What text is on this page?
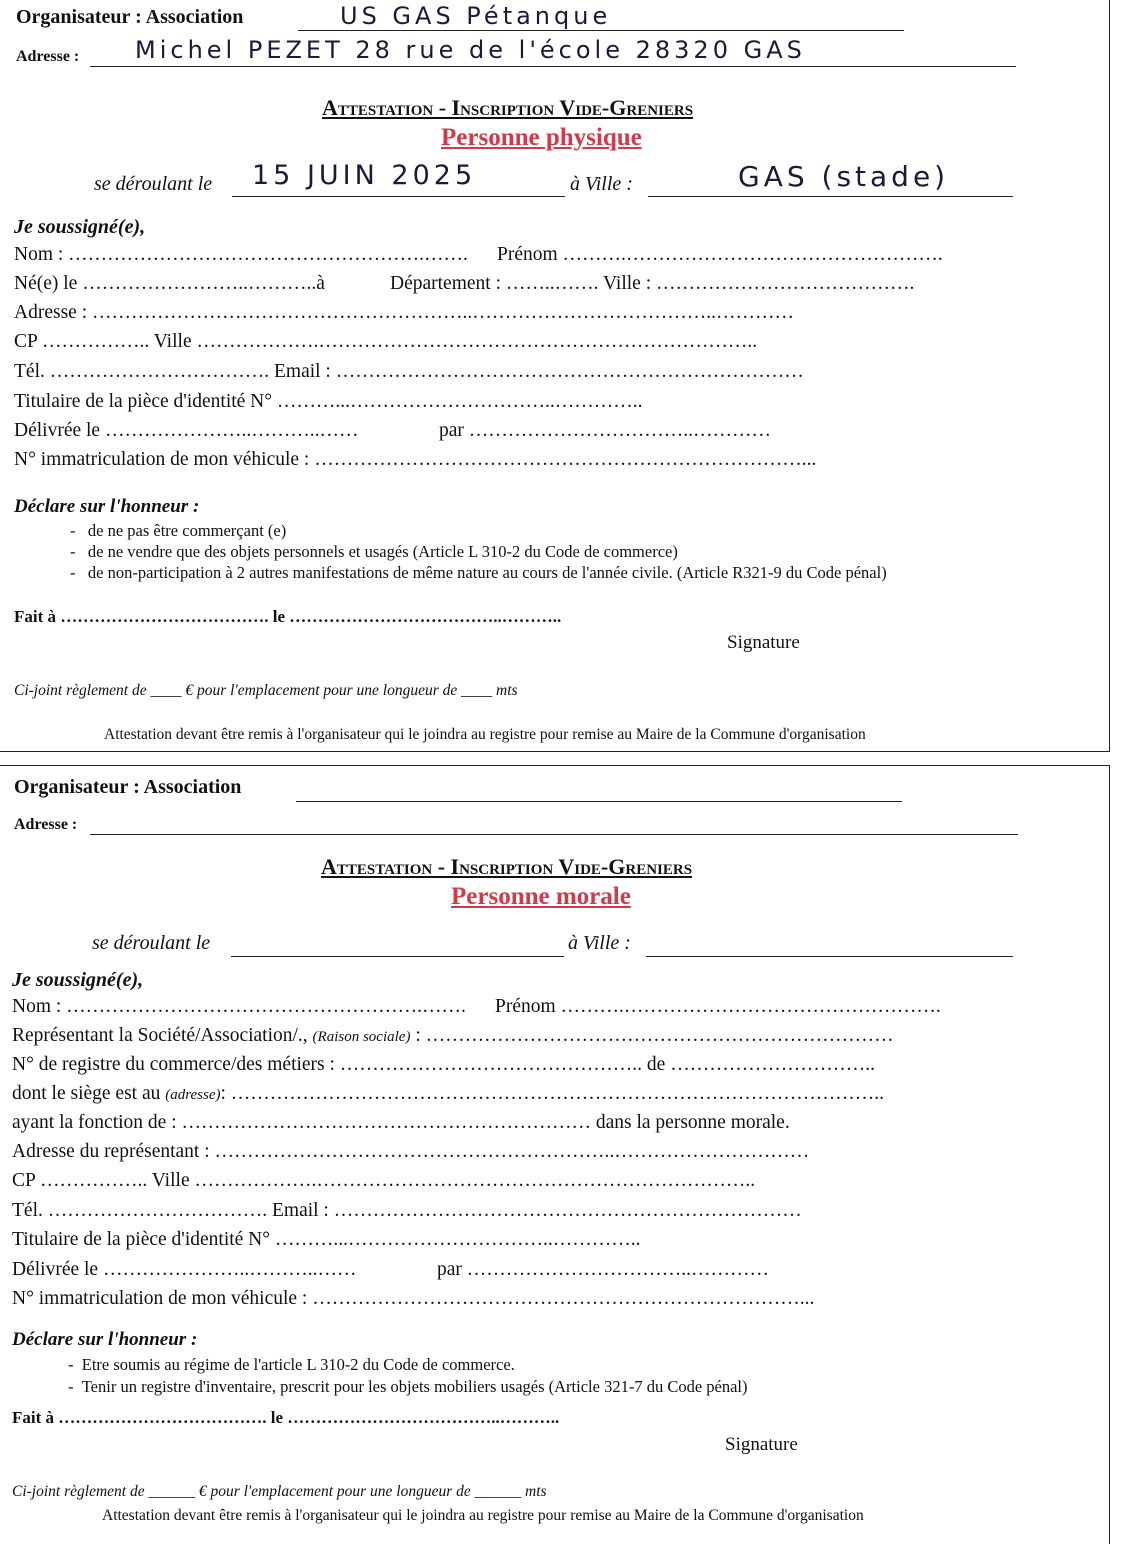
Organisateur : Association	US GAS Pétanque
Adresse : Michel PEZET 28 rue de l'école 28320 GAS
Attestation - Inscription Vide-Greniers
Personne physique
se déroulant le 15 JUIN 2025	à Ville :	GAS (stade)
Je soussigné(e),
Nom : ……………………………………………….……. Prénom ……….………………………………………….
Né(e) le ……………………..………..à	Département : ……..……. Ville : ………………………………….
Adresse : …………………………………………………..………………………………..…………
CP …………….. Ville ……………….…………………………………………………………..
Tél. ……………………………. Email : ………………………………………………………………
Titulaire de la pièce d'identité N° ………...…………………………..…………..
Délivrée le …………………..………..……	par ……………………………..…………
N° immatriculation de mon véhicule : …………………………………………………………………...
Déclare sur l'honneur :
-   de ne pas être commerçant (e)
-   de ne vendre que des objets personnels et usagés (Article L 310-2 du Code de commerce)
-   de non-participation à 2 autres manifestations de même nature au cours de l'année civile. (Article R321-9 du Code pénal)
Fait à ………………………………. le ………………………………..………..
Signature
Ci-joint règlement de ____ € pour l'emplacement pour une longueur de ____ mts
Attestation devant être remis à l'organisateur qui le joindra au registre pour remise au Maire de la Commune d'organisation
Organisateur : Association
Adresse :
Attestation - Inscription Vide-Greniers
Personne morale
se déroulant le	à Ville :
Je soussigné(e),
Nom : ……………………………………………….……. Prénom ……….………………………………………….
Représentant la Société/Association/., (Raison sociale) : ………………………………………………………………
N° de registre du commerce/des métiers : ……………………………………….. de …………………………..
dont le siège est au (adresse): ………………………………………………………………………………………..
ayant la fonction de : ……………………………………………………… dans la personne morale.
Adresse du représentant : ……………………………………………………..…………………………
CP …………….. Ville ……………….…………………………………………………………..
Tél. ……………………………. Email : ………………………………………………………………
Titulaire de la pièce d'identité N° ………...…………………………..…………..
Délivrée le …………………..………..……	par ……………………………..…………
N° immatriculation de mon véhicule : …………………………………………………………………...
Déclare sur l'honneur :
-  Etre soumis au régime de l'article L 310-2 du Code de commerce.
-  Tenir un registre d'inventaire, prescrit pour les objets mobiliers usagés (Article 321-7 du Code pénal)
Fait à ………………………………. le ………………………………..………..
Signature
Ci-joint règlement de ______ € pour l'emplacement pour une longueur de ______ mts
Attestation devant être remis à l'organisateur qui le joindra au registre pour remise au Maire de la Commune d'organisation
